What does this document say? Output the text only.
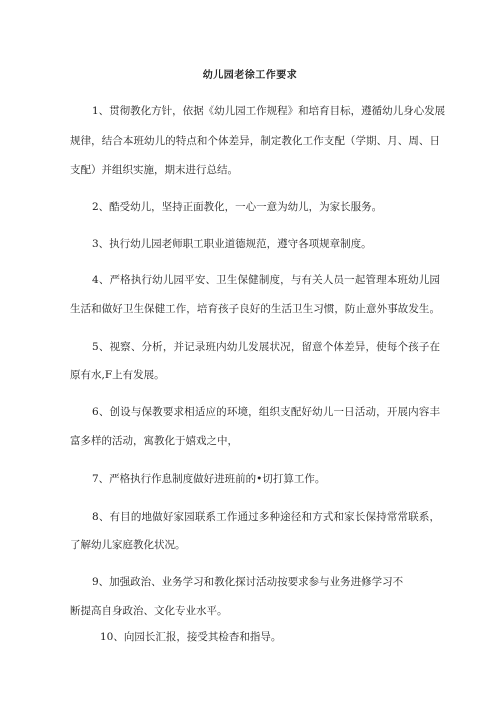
幼儿园老徐工作要求
1、贯彻教化方针，依据《幼儿园工作规程》和培育目标，遵循幼儿身心发展
规律，结合本班幼儿的特点和个体差异，制定教化工作支配（学期、月、周、日
支配）并组织实施，期末进行总结。
2、酷受幼儿，坚持正面教化，一心一意为幼儿，为家长服务。
3、执行幼儿园老师职工职业道德规范，遵守各项规章制度。
4、严格执行幼儿园平安、卫生保健制度，与有关人员一起管理本班幼儿园
生活和做好卫生保健工作，培育孩子良好的生活卫生习惯，防止意外事故发生。
5、视察、分析，并记录班内幼儿发展状况，留意个体差异，使每个孩子在
原有水,F上有发展。
6、创设与保教要求相适应的环境，组织支配好幼儿一日活动，开展内容丰
富多样的活动，寓教化于嬉戏之中，
7、严格执行作息制度做好进班前的•切打算工作。
8、有目的地做好家园联系工作通过多种途径和方式和家长保持常常联系，
了解幼儿家庭教化状况。
9、加强政治、业务学习和教化探讨活动按要求参与业务进修学习不
断提高自身政治、文化专业水平。
10、向园长汇报，接受其检杳和指导。
